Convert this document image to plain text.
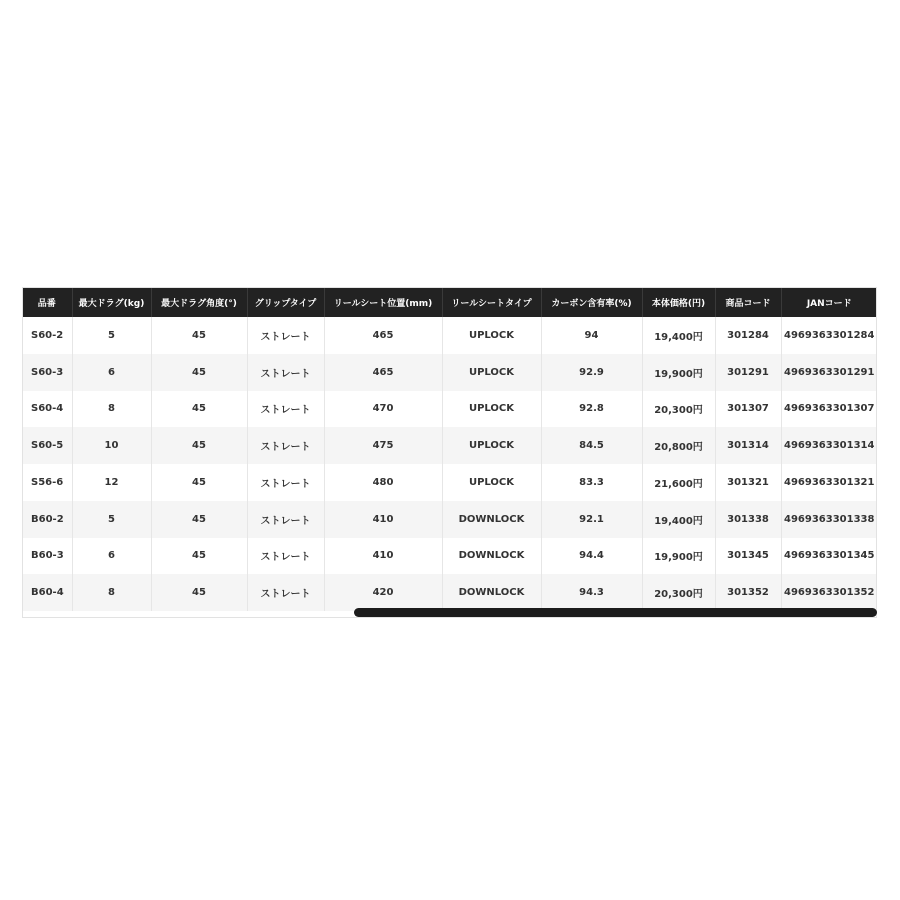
品番	最大ドラグ(kg)	最大ドラグ角度(°)	グリップタイプ	リールシート位置(mm)	リールシートタイプ	カーボン含有率(%)	本体価格(円)	商品コード	JANコード
S60-2	5	45	ストレート	465	UPLOCK	94	19,400円	301284	4969363301284
S60-3	6	45	ストレート	465	UPLOCK	92.9	19,900円	301291	4969363301291
S60-4	8	45	ストレート	470	UPLOCK	92.8	20,300円	301307	4969363301307
S60-5	10	45	ストレート	475	UPLOCK	84.5	20,800円	301314	4969363301314
S56-6	12	45	ストレート	480	UPLOCK	83.3	21,600円	301321	4969363301321
B60-2	5	45	ストレート	410	DOWNLOCK	92.1	19,400円	301338	4969363301338
B60-3	6	45	ストレート	410	DOWNLOCK	94.4	19,900円	301345	4969363301345
B60-4	8	45	ストレート	420	DOWNLOCK	94.3	20,300円	301352	4969363301352
